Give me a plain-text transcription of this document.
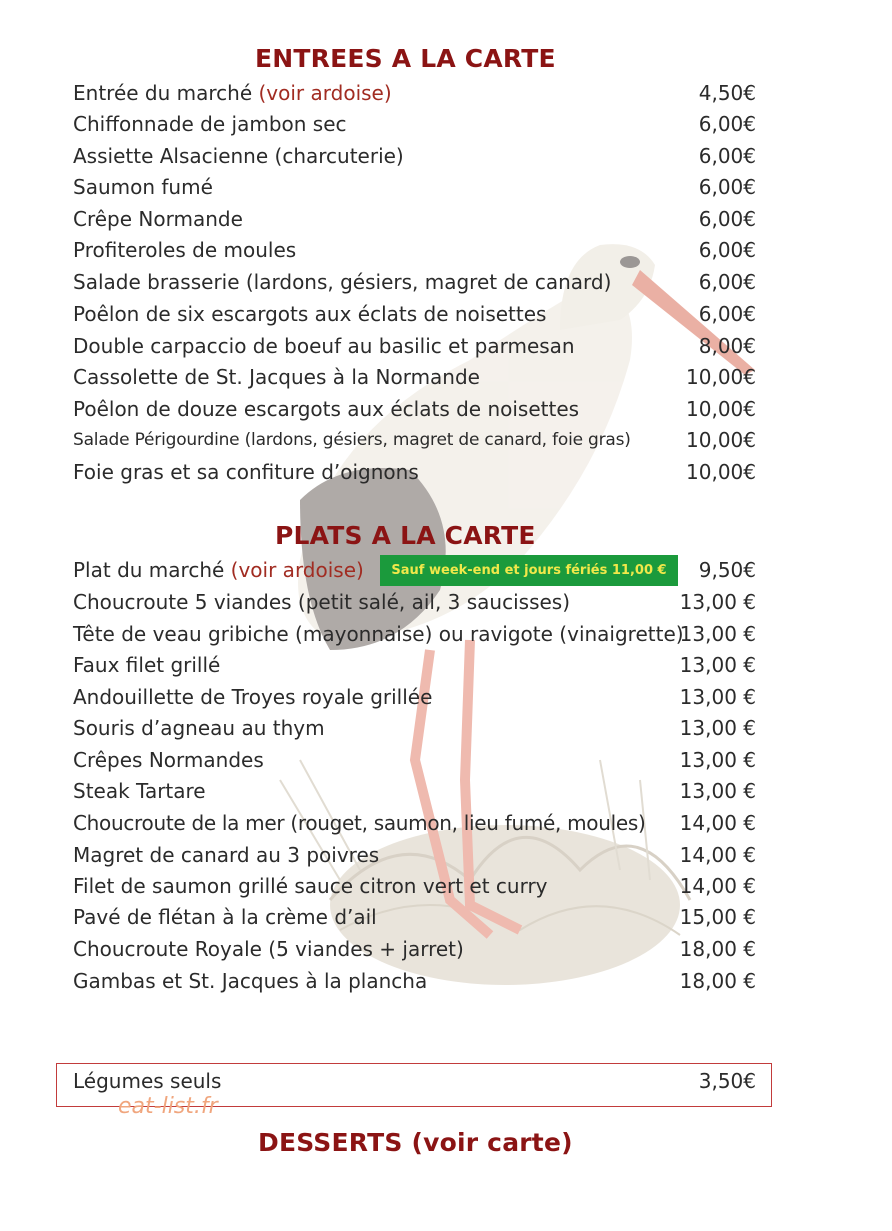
ENTREES A LA CARTE
Entrée du marché (voir ardoise)	4,50€
Chiffonnade de jambon sec	6,00€
Assiette Alsacienne (charcuterie)	6,00€
Saumon fumé	6,00€
Crêpe Normande	6,00€
Profiteroles de moules	6,00€
Salade brasserie (lardons, gésiers, magret de canard)	6,00€
Poêlon de six escargots aux éclats de noisettes	6,00€
Double carpaccio de boeuf au basilic et parmesan	8,00€
Cassolette de St. Jacques à la Normande	10,00€
Poêlon de douze escargots aux éclats de noisettes	10,00€
Salade Périgourdine (lardons, gésiers, magret de canard, foie gras)	10,00€
Foie gras et sa confiture d’oignons	10,00€
PLATS A LA CARTE
Plat du marché (voir ardoise)	9,50€
Choucroute 5 viandes (petit salé, ail, 3 saucisses)	13,00 €
Tête de veau gribiche (mayonnaise) ou ravigote (vinaigrette)
13,00 €
Faux filet grillé	13,00 €
Andouillette de Troyes royale grillée	13,00 €
Souris d’agneau au thym	13,00 €
Crêpes Normandes	13,00 €
Steak Tartare	13,00 €
Choucroute de la mer (rouget, saumon, lieu fumé, moules) 14,00 €
Magret de canard au 3 poivres	14,00 €
Filet de saumon grillé sauce citron vert et curry	14,00 €
Pavé de flétan à la crème d’ail	15,00 €
Choucroute Royale (5 viandes + jarret)	18,00 €
Gambas et St. Jacques à la plancha	18,00 €
Sauf week-end et jours fériés 11,00 €
Légumes seuls	3,50€
eat-list.fr
DESSERTS (voir carte)
